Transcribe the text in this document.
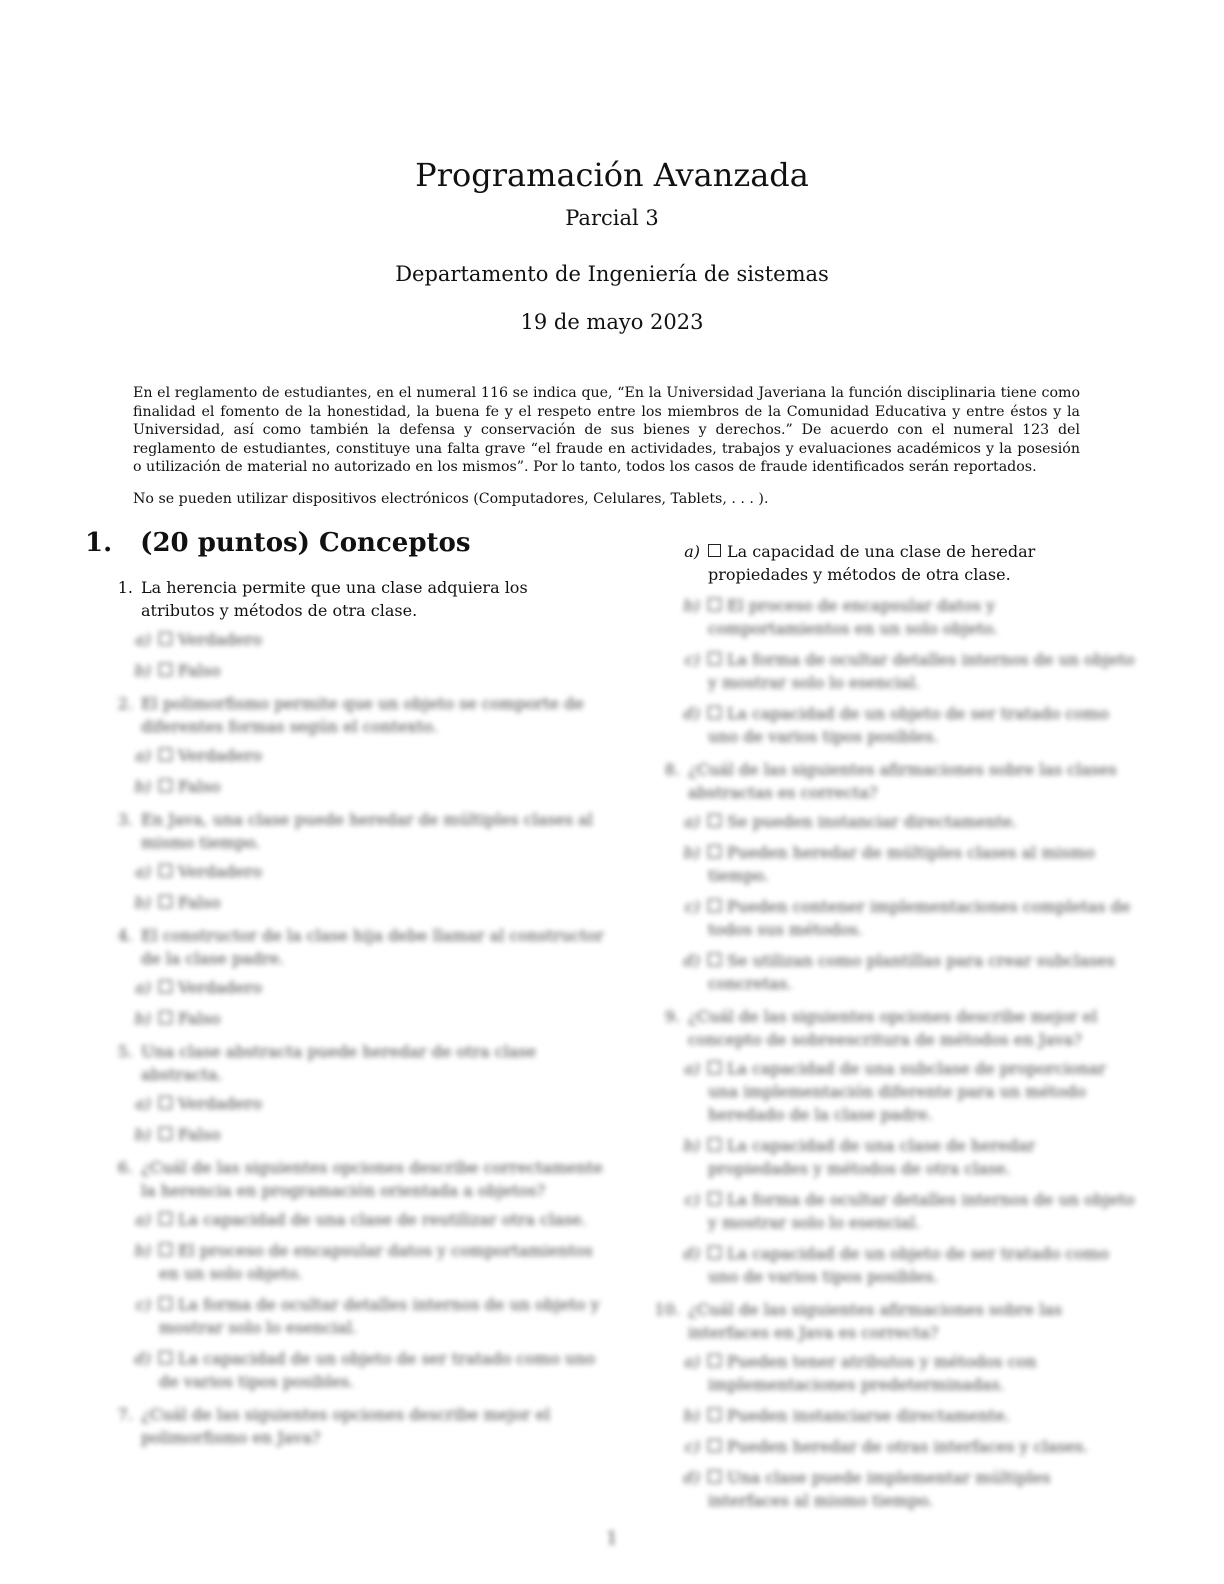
Programación Avanzada
Parcial 3
Departamento de Ingeniería de sistemas
19 de mayo 2023
En el reglamento de estudiantes, en el numeral 116 se indica que, “En la Universidad Javeriana la función disciplinaria tiene como finalidad el fomento de la honestidad, la buena fe y el respeto entre los miembros de la Comunidad Educativa y entre éstos y la Universidad, así como también la defensa y conservación de sus bienes y derechos.” De acuerdo con el numeral 123 del reglamento de estudiantes, constituye una falta grave “el fraude en actividades, trabajos y evaluaciones académicos y la posesión o utilización de material no autorizado en los mismos”. Por lo tanto, todos los casos de fraude identificados serán reportados.
No se pueden utilizar dispositivos electrónicos (Computadores, Celulares, Tablets, . . . ).
1. (20 puntos) Conceptos
1. La herencia permite que una clase adquiera los atributos y métodos de otra clase.
a)	Verdadero
b)	Falso
2. El polimorfismo permite que un objeto se comporte de diferentes formas según el contexto.
a)	Verdadero
b)	Falso
3. En Java, una clase puede heredar de múltiples clases al mismo tiempo.
a)	Verdadero
b)	Falso
4. El constructor de la clase hija debe llamar al constructor de la clase padre.
a)	Verdadero
b)	Falso
5. Una clase abstracta puede heredar de otra clase abstracta.
a)	Verdadero
b)	Falso
6. ¿Cuál de las siguientes opciones describe correctamente la herencia en programación orientada a objetos?
a)	La capacidad de una clase de reutilizar otra clase.
b)	El proceso de encapsular datos y comportamientos en un solo objeto.
c)	La forma de ocultar detalles internos de un objeto y mostrar solo lo esencial.
d)	La capacidad de un objeto de ser tratado como uno de varios tipos posibles.
7. ¿Cuál de las siguientes opciones describe mejor el polimorfismo en Java?
a)	La capacidad de una clase de heredar propiedades y métodos de otra clase.
b)	El proceso de encapsular datos y comportamientos en un solo objeto.
c)	La forma de ocultar detalles internos de un objeto y mostrar solo lo esencial.
d)	La capacidad de un objeto de ser tratado como uno de varios tipos posibles.
8. ¿Cuál de las siguientes afirmaciones sobre las clases abstractas es correcta?
a)	Se pueden instanciar directamente.
b)	Pueden heredar de múltiples clases al mismo tiempo.
c)	Pueden contener implementaciones completas de todos sus métodos.
d)	Se utilizan como plantillas para crear subclases concretas.
9. ¿Cuál de las siguientes opciones describe mejor el concepto de sobreescritura de métodos en Java?
a)	La capacidad de una subclase de proporcionar una implementación diferente para un método heredado de la clase padre.
b)	La capacidad de una clase de heredar propiedades y métodos de otra clase.
c)	La forma de ocultar detalles internos de un objeto y mostrar solo lo esencial.
d)	La capacidad de un objeto de ser tratado como uno de varios tipos posibles.
10. ¿Cuál de las siguientes afirmaciones sobre las interfaces en Java es correcta?
a)	Pueden tener atributos y métodos con implementaciones predeterminadas.
b)	Pueden instanciarse directamente.
c)	Pueden heredar de otras interfaces y clases.
d)	Una clase puede implementar múltiples interfaces al mismo tiempo.
1
